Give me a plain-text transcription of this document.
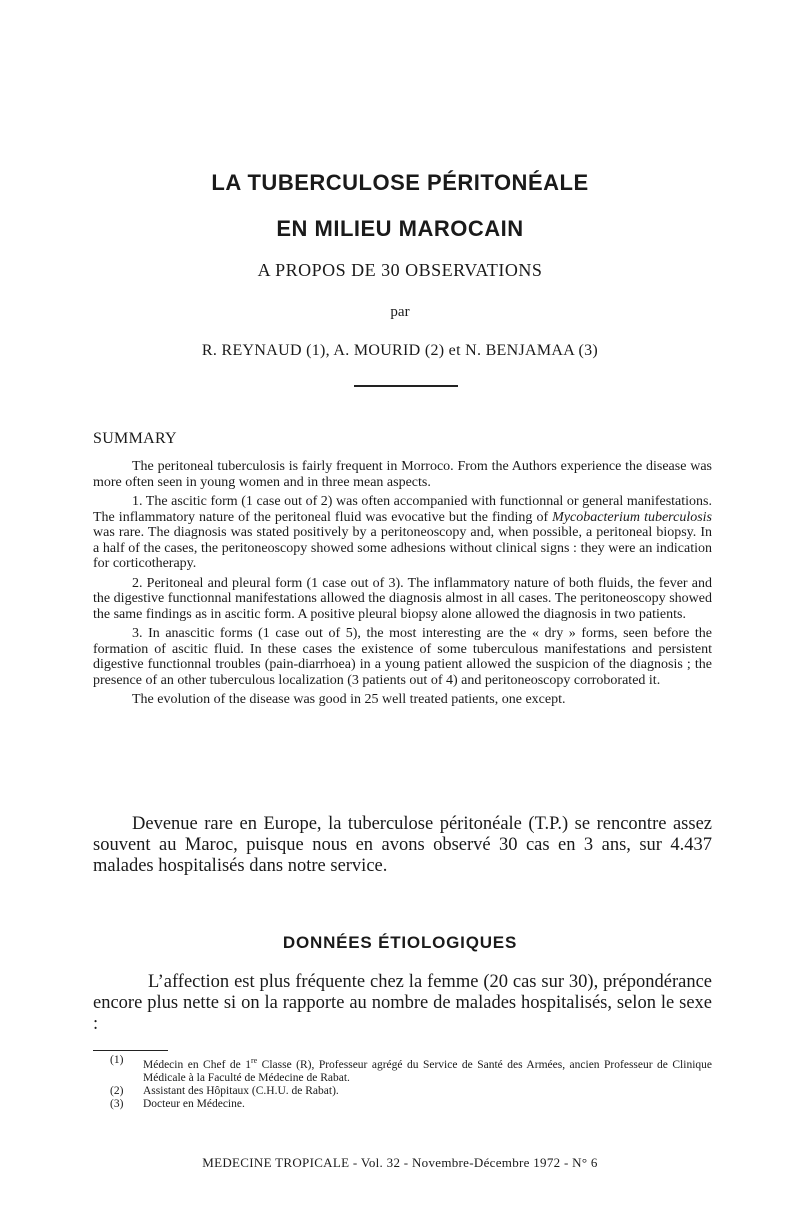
LA TUBERCULOSE PÉRITONÉALE
EN MILIEU MAROCAIN
A PROPOS DE 30 OBSERVATIONS
par
R. REYNAUD (1), A. MOURID (2) et N. BENJAMAA (3)
SUMMARY

The peritoneal tuberculosis is fairly frequent in Morroco. From the Authors experience the disease was more often seen in young women and in three mean aspects.

1. The ascitic form (1 case out of 2) was often accompanied with functionnal or general manifestations. The inflammatory nature of the peritoneal fluid was evocative but the finding of Mycobacterium tuberculosis was rare. The diagnosis was stated positively by a peritoneoscopy and, when possible, a peritoneal biopsy. In a half of the cases, the peritoneoscopy showed some adhesions without clinical signs : they were an indication for corticotherapy.

2. Peritoneal and pleural form (1 case out of 3). The inflammatory nature of both fluids, the fever and the digestive functionnal manifestations allowed the diagnosis almost in all cases. The peritoneoscopy showed the same findings as in ascitic form. A positive pleural biopsy alone allowed the diagnosis in two patients.

3. In anascitic forms (1 case out of 5), the most interesting are the « dry » forms, seen before the formation of ascitic fluid. In these cases the existence of some tuberculous manifestations and persistent digestive functionnal troubles (pain-diarrhoea) in a young patient allowed the suspicion of the diagnosis ; the presence of an other tuberculous localization (3 patients out of 4) and peritoneoscopy corroborated it.

The evolution of the disease was good in 25 well treated patients, one except.

Devenue rare en Europe, la tuberculose péritonéale (T.P.) se rencontre assez souvent au Maroc, puisque nous en avons observé 30 cas en 3 ans, sur 4.437 malades hospitalisés dans notre service.

DONNÉES ÉTIOLOGIQUES

L’affection est plus fréquente chez la femme (20 cas sur 30), prépondérance encore plus nette si on la rapporte au nombre de malades hospitalisés, selon le sexe :

(1)	Médecin en Chef de 1re Classe (R), Professeur agrégé du Service de Santé des Armées, ancien Professeur de Clinique Médicale à la Faculté de Médecine de Rabat.
(2)	Assistant des Hôpitaux (C.H.U. de Rabat).
(3)	Docteur en Médecine.
MEDECINE TROPICALE - Vol. 32 - Novembre-Décembre 1972 - N° 6
